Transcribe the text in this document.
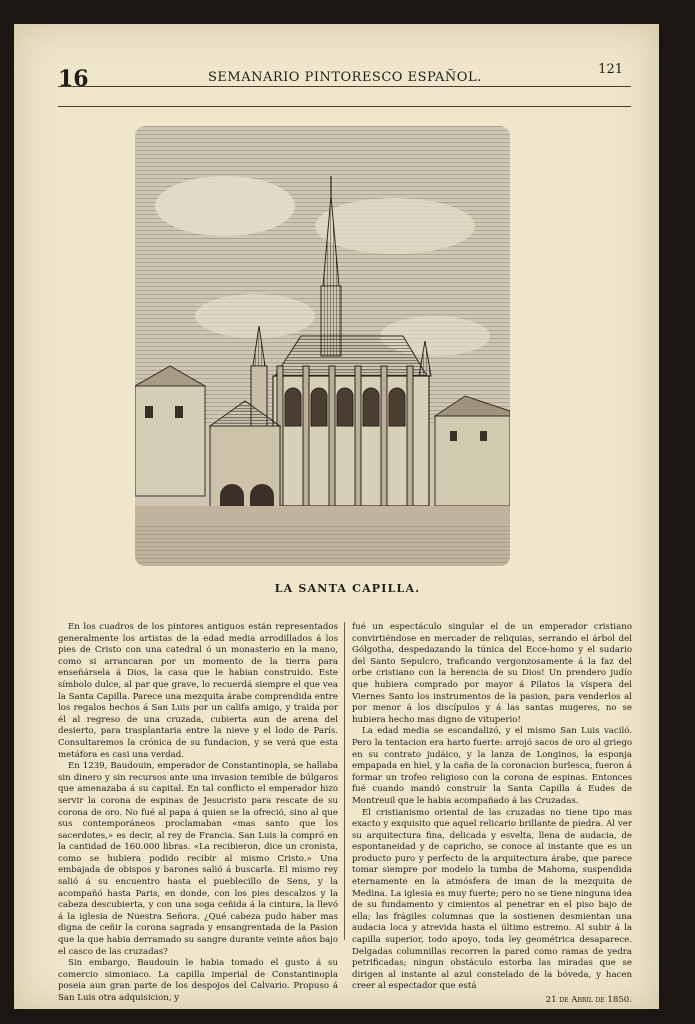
16	SEMANARIO PINTORESCO ESPAÑOL.
121
LA SANTA CAPILLA.

En los cuadros de los pintores antiguos están representados generalmente los artistas de la edad media arrodillados á los pies de Cristo con una catedral ó un monasterio en la mano, como si arrancaran por un momento de la tierra para enseñársela á Dios, la casa que le habian construido. Este símbolo dulce, al par que grave, lo recuerdá siempre el que vea la Santa Capilla. Parece una mezquita árabe comprendida entre los regalos hechos á San Luis por un califa amigo, y traida por él al regreso de una cruzada, cubierta aun de arena del desierto, para trasplantaria entre la nieve y el lodo de París. Consultaremos la crónica de su fundacion, y se verá que esta metáfora es casi una verdad.

En 1239, Baudouin, emperador de Constantinopla, se hallaba sin dinero y sin recursos ante una invasion temible de búlgaros que amenazaba á su capital. En tal conflicto el emperador hizo servir la corona de espinas de Jesucristo para rescate de su corona de oro. No fué al papa á quien se la ofreció, sino al que sus contemporáneos proclamaban «mas santo que los sacerdotes,» es decir, al rey de Francia. San Luis la compró en la cantidad de 160.000 libras. «La recibieron, dice un cronista, como se hubiera podido recibir al mismo Cristo.» Una embajada de obispos y barones salió á buscarla. El mismo rey salió á su encuentro hasta el pueblecillo de Sens, y la acompañó hasta Paris, en donde, con los pies descalzos y la cabeza descubierta, y con una soga ceñida á la cintura, la llevó á la iglesia de Nuestra Señora. ¿Qué cabeza pudo haber mas digna de ceñir la corona sagrada y ensangrentada de la Pasion que la que habia derramado su sangre durante veinte años bajo el casco de las cruzadas?

Sin embargo, Baudouin le habia tomado el gusto á su comercio simoniaco. La capilla imperial de Constantinopla poseia aun gran parte de los despojos del Calvario. Propuso á San Luis otra adquisicion, y

fué un espectáculo singular el de un emperador cristiano convirtiéndose en mercader de reliquias, serrando el árbol del Gólgotha, despedazando la túnica del Ecce-homo y el sudario del Santo Sepulcro, traficando vergonzosamente á la faz del orbe cristiano con la herencia de su Dios! Un prendero judío que hubiera comprado por mayor á Pilatos la víspera del Viernes Santo los instrumentos de la pasion, para venderlos al por menor á los discípulos y á las santas mugeres, no se hubiera hecho mas digno de vituperio!

La edad media se escandalizó, y el mismo San Luis vaciló. Pero la tentacion era harto fuerte: arrojó sacos de oro al griego en su contrato judáico, y la lanza de Longinos, la esponja empapada en hiel, y la caña de la coronacion burlesca, fueron á formar un trofeo religioso con la corona de espinas. Entonces fué cuando mandó construir la Santa Capilla á Eudes de Montreuil que le habia acompañado á las Cruzadas.

El cristianismo oriental de las cruzadas no tiene tipo mas exacto y exquisito que aquel relicario brillante de piedra. Al ver su arquitectura fina, delicada y esvelta, llena de audacia, de espontaneidad y de capricho, se conoce al instante que es un producto puro y perfecto de la arquitectura árabe, que parece tomar siempre por modelo la tumba de Mahoma, suspendida eternamente en la atmósfera de iman de la mezquita de Medina. La iglesia es muy fuerte; pero no se tiene ninguna idea de su fundamento y cimientos al penetrar en el piso bajo de ella; las frágiles columnas que la sostienen desmientan una audacia loca y atrevida hasta el último estremo. Al subir á la capilla superior, todo apoyo, toda ley geométrica desaparece. Delgadas columnillas recorren la pared como ramas de yedra petrificadas; ningun obstáculo estorba las miradas que se dirigen al instante al azul constelado de la bóveda, y hacen creer al espectador que está

21 de Abril de 1850.
